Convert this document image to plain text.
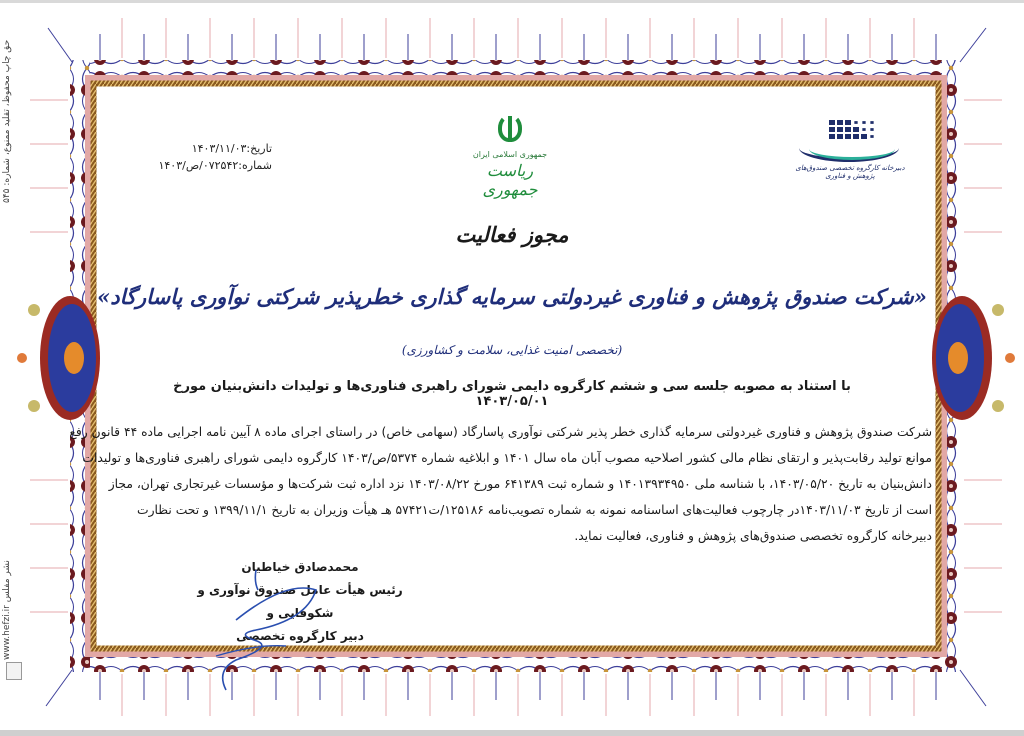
حق چاپ محفوظ، تقلید ممنوع، شماره: ۵۴۵
نشر مفلس www.hefzi.ir
تاریخ:۱۴۰۳/۱۱/۰۳
شماره:۰۷۲۵۴۲/ص/۱۴۰۳
جمهوری اسلامی ایران
ریاست جمهوری
دبیرخانه کارگروه تخصصی صندوق‌های پژوهش و فناوری
مجوز فعالیت
«شرکت صندوق پژوهش و فناوری غیردولتی سرمایه گذاری خطرپذیر شرکتی نوآوری پاسارگاد»
(تخصصی امنیت غذایی، سلامت و کشاورزی)
با استناد به مصوبه جلسه سی و ششم کارگروه دایمی شورای راهبری فناوری‌ها و تولیدات دانش‌بنیان مورخ ۱۴۰۳/۰۵/۰۱

شرکت صندوق پژوهش و فناوری غیردولتی سرمایه گذاری خطر پذیر شرکتی نوآوری پاسارگاد (سهامی خاص) در راستای اجرای ماده ۸ آیین نامه اجرایی ماده ۴۴ قانون رفع

موانع تولید رقابت‌پذیر و ارتقای نظام مالی کشور اصلاحیه مصوب آبان ماه سال ۱۴۰۱ و ابلاغیه شماره ۵۳۷۴/ص/۱۴۰۳ کارگروه دایمی شورای راهبری فناوری‌ها و تولیدات

دانش‌بنیان به تاریخ ۱۴۰۳/۰۵/۲۰، با شناسه ملی ۱۴۰۱۳۹۳۴۹۵۰ و شماره ثبت ۶۴۱۳۸۹ مورخ ۱۴۰۳/۰۸/۲۲ نزد اداره ثبت شرکت‌ها و مؤسسات غیرتجاری تهران، مجاز

است از تاریخ ۱۴۰۳/۱۱/۰۳در چارچوب فعالیت‌های اساسنامه نمونه به شماره تصویب‌نامه ۱۲۵۱۸۶/ت۵۷۴۲۱ هـ هیأت وزیران به تاریخ ۱۳۹۹/۱۱/۱ و تحت نظارت

دبیرخانه کارگروه تخصصی صندوق‌های پژوهش و فناوری، فعالیت نماید.

محمدصادق خیاطیان
رئیس هیأت عامل صندوق نوآوری و شکوفایی و
دبیر کارگروه تخصصی
